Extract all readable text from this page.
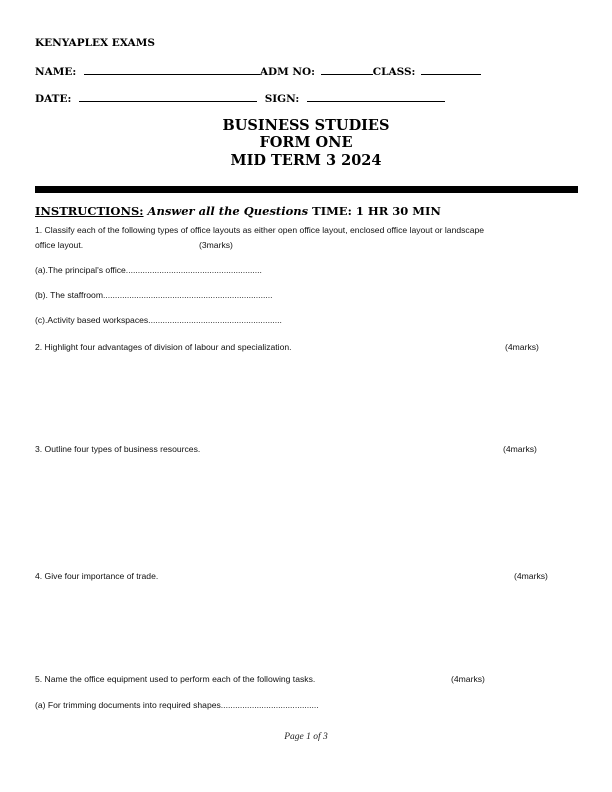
KENYAPLEX EXAMS
NAME:	ADM NO:	CLASS:
DATE:	SIGN:
BUSINESS STUDIES
FORM ONE
MID TERM 3 2024
INSTRUCTIONS: Answer all the Questions TIME: 1 HR 30 MIN
1. Classify each of the following types of office layouts as either open office layout, enclosed office layout or landscape
office layout.	(3marks)
(a).The principal's office.........................................................
(b). The staffroom.......................................................................
(c).Activity based workspaces........................................................
2. Highlight four advantages of division of labour and specialization.	(4marks)
3. Outline four types of business resources.	(4marks)
4. Give four importance of trade.	(4marks)
5. Name the office equipment used to perform each of the following tasks.	(4marks)
(a) For trimming documents into required shapes.........................................
Page 1 of 3
